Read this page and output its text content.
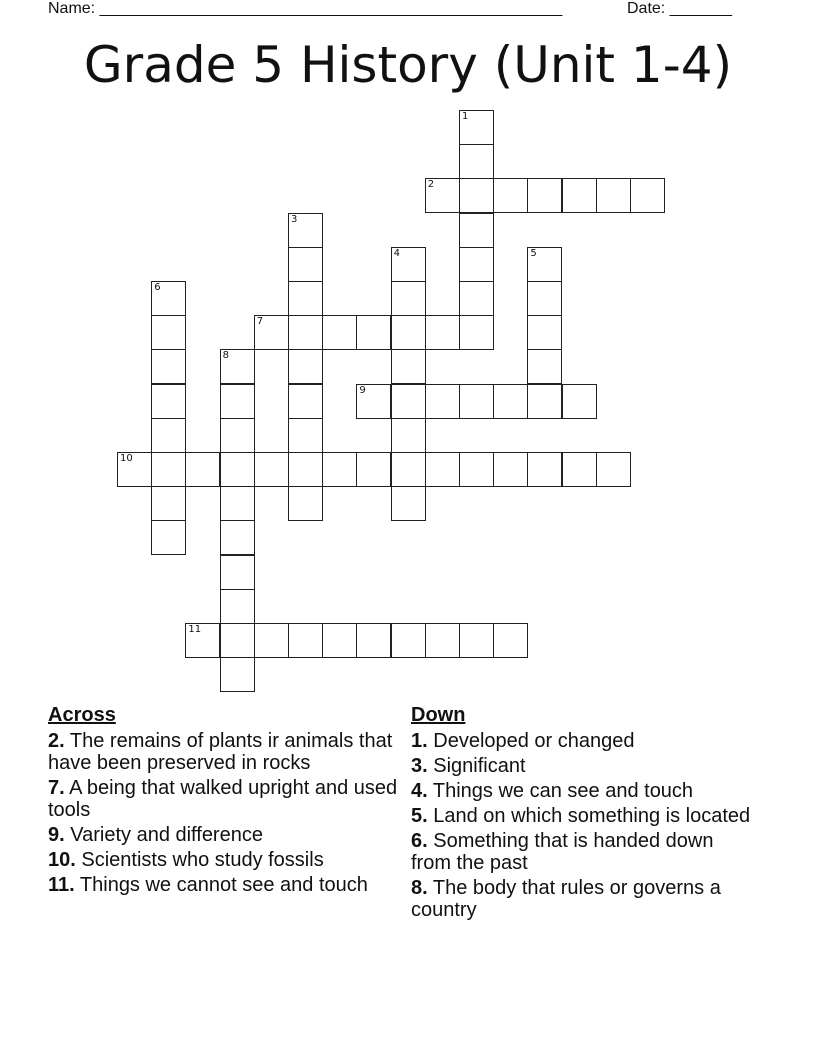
Name: ____________________________________________________	Date: _______
Grade 5 History (Unit 1-4)
1
2
3
4	5
6
7
8
9
10
11
Across
2. The remains of plants ir animals that have been preserved in rocks
7. A being that walked upright and used tools
9. Variety and difference
10. Scientists who study fossils
11. Things we cannot see and touch
Down
1. Developed or changed
3. Significant
4. Things we can see and touch
5. Land on which something is located
6. Something that is handed down from the past
8. The body that rules or governs a country
